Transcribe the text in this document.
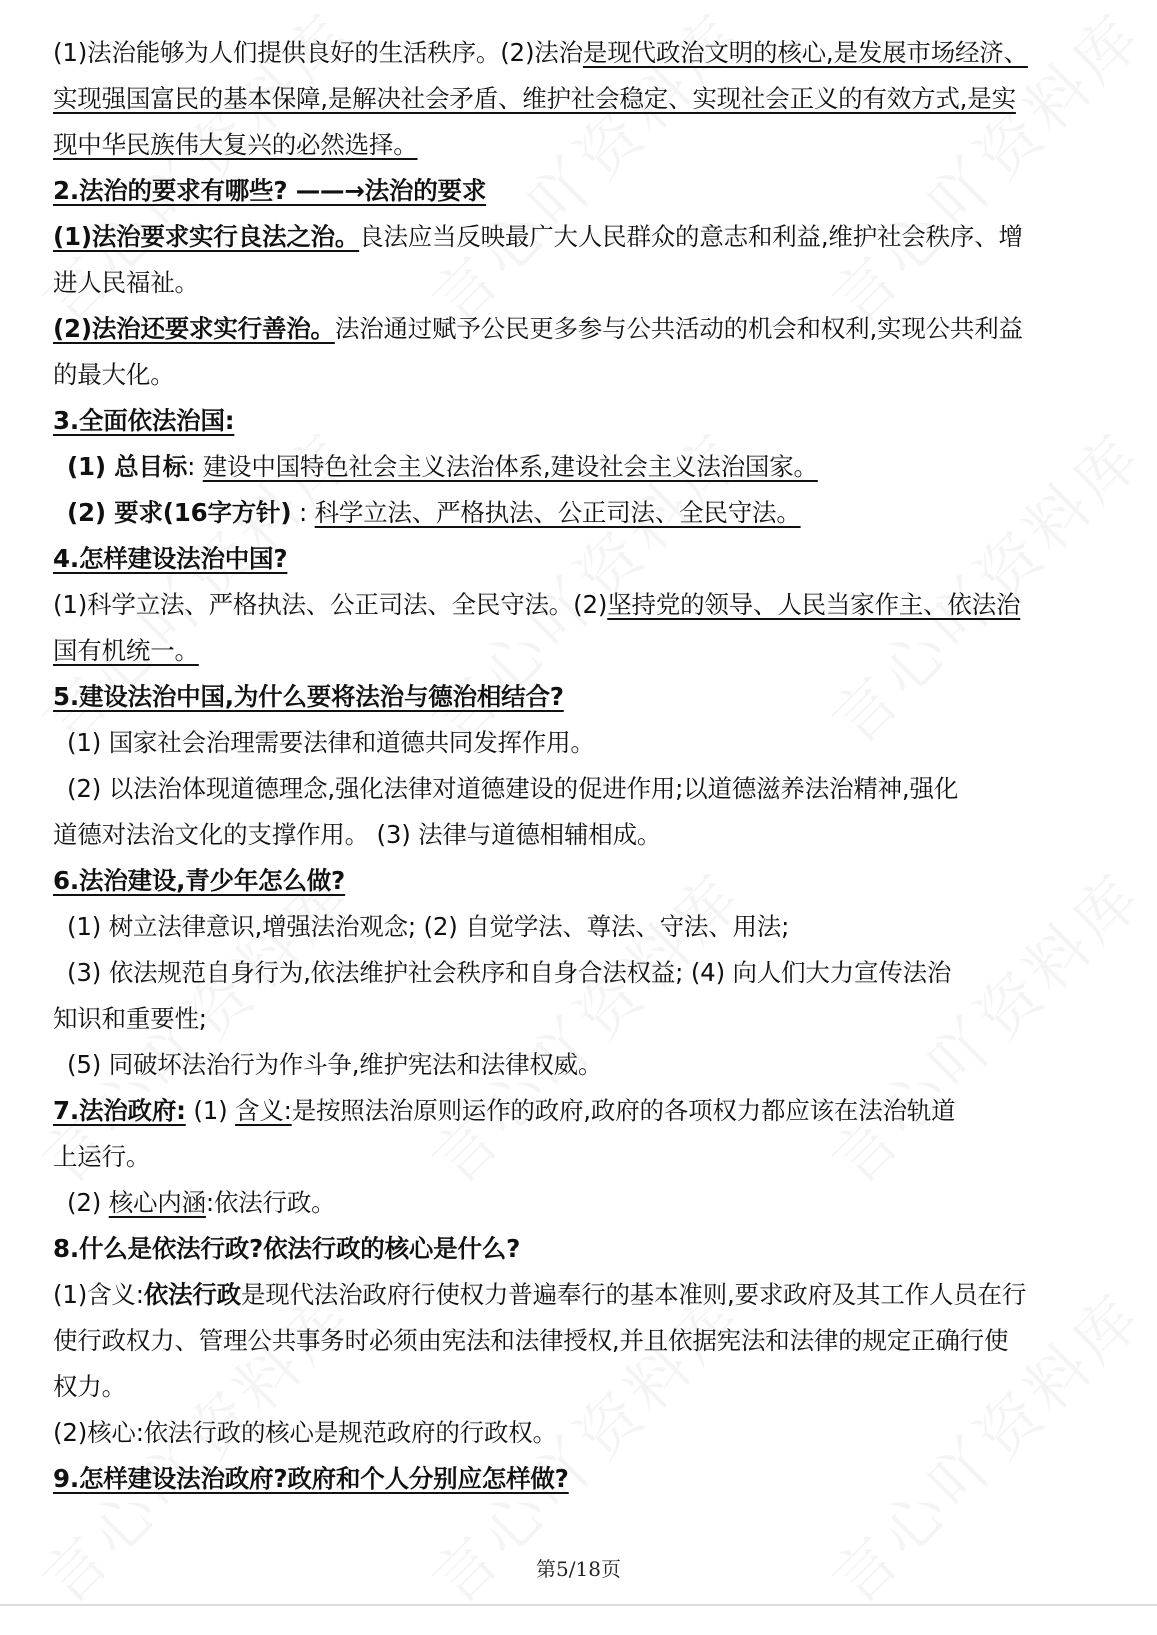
(1)法治能够为人们提供良好的生活秩序。(2)法治是现代政治文明的核心,是发展市场经济、
实现强国富民的基本保障,是解决社会矛盾、维护社会稳定、实现社会正义的有效方式,是实
现中华民族伟大复兴的必然选择。
2.法治的要求有哪些? ——→法治的要求
(1)法治要求实行良法之治。良法应当反映最广大人民群众的意志和利益,维护社会秩序、增
进人民福祉。
(2)法治还要求实行善治。法治通过赋予公民更多参与公共活动的机会和权利,实现公共利益
的最大化。
3.全面依法治国:
(1) 总目标: 建设中国特色社会主义法治体系,建设社会主义法治国家。
(2) 要求(16字方针) : 科学立法、严格执法、公正司法、全民守法。
4.怎样建设法治中国?
(1)科学立法、严格执法、公正司法、全民守法。(2)坚持党的领导、人民当家作主、依法治
国有机统一。
5.建设法治中国,为什么要将法治与德治相结合?
(1) 国家社会治理需要法律和道德共同发挥作用。
(2) 以法治体现道德理念,强化法律对道德建设的促进作用;以道德滋养法治精神,强化
道德对法治文化的支撑作用。 (3) 法律与道德相辅相成。
6.法治建设,青少年怎么做?
(1) 树立法律意识,增强法治观念; (2) 自觉学法、尊法、守法、用法;
(3) 依法规范自身行为,依法维护社会秩序和自身合法权益; (4) 向人们大力宣传法治
知识和重要性;
(5) 同破坏法治行为作斗争,维护宪法和法律权威。
7.法治政府: (1) 含义:是按照法治原则运作的政府,政府的各项权力都应该在法治轨道
上运行。
(2) 核心内涵:依法行政。
8.什么是依法行政?依法行政的核心是什么?
(1)含义:依法行政是现代法治政府行使权力普遍奉行的基本准则,要求政府及其工作人员在行
使行政权力、管理公共事务时必须由宪法和法律授权,并且依据宪法和法律的规定正确行使
权力。
(2)核心:依法行政的核心是规范政府的行政权。
9.怎样建设法治政府?政府和个人分别应怎样做?
第5/18页
